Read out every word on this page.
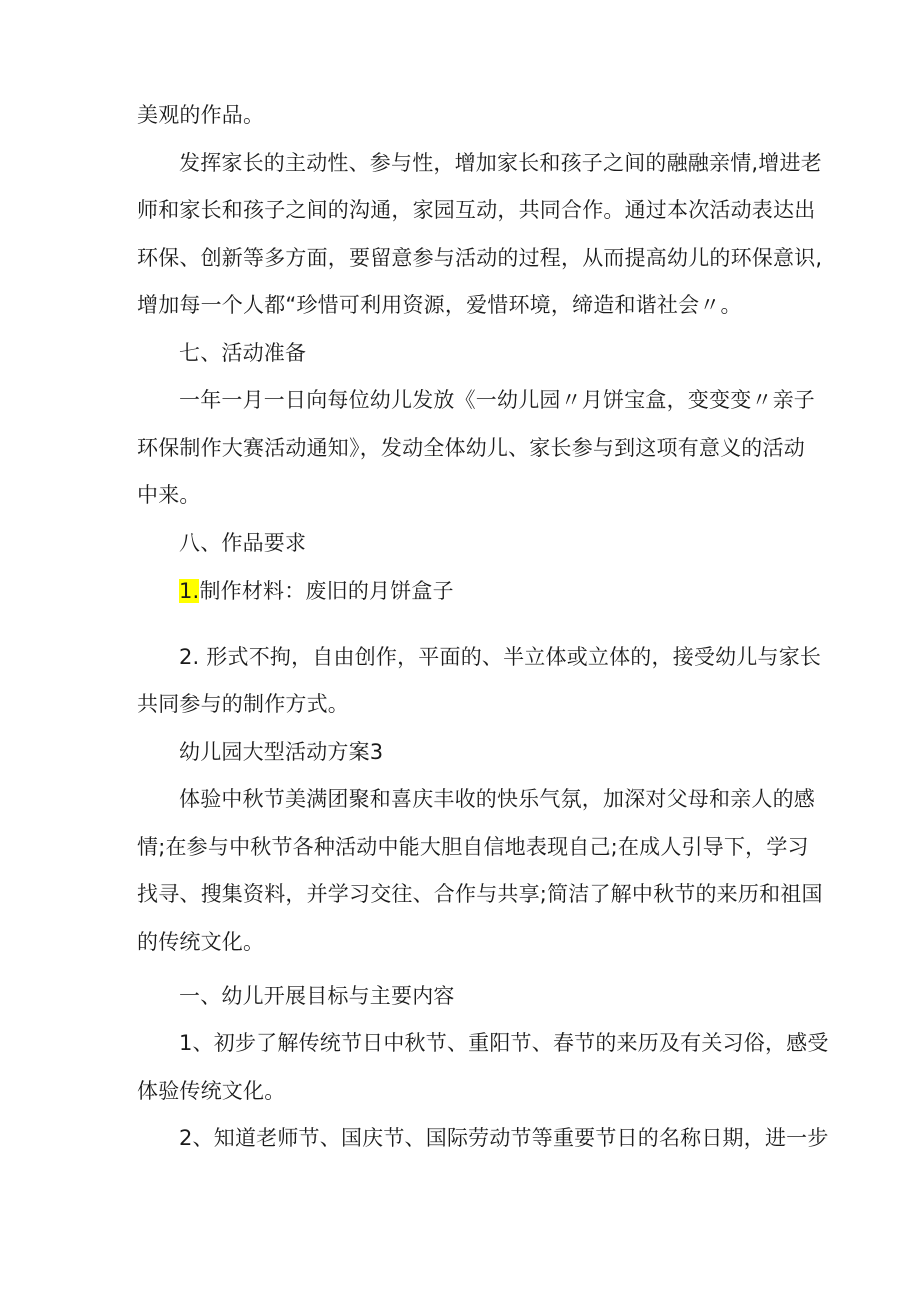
美观的作品。
发挥家长的主动性、参与性，增加家长和孩子之间的融融亲情,增进老
师和家长和孩子之间的沟通，家园互动，共同合作。通过本次活动表达出
环保、创新等多方面，要留意参与活动的过程，从而提高幼儿的环保意识,
增加每一个人都“珍惜可利用资源，爱惜环境，缔造和谐社会〃。
七、活动准备
一年一月一日向每位幼儿发放《一幼儿园〃月饼宝盒，变变变〃亲子
环保制作大赛活动通知》，发动全体幼儿、家长参与到这项有意义的活动
中来。
八、作品要求
1.制作材料：废旧的月饼盒子
2. 形式不拘，自由创作，平面的、半立体或立体的，接受幼儿与家长
共同参与的制作方式。
幼儿园大型活动方案3
体验中秋节美满团聚和喜庆丰收的快乐气氛，加深对父母和亲人的感
情;在参与中秋节各种活动中能大胆自信地表现自己;在成人引导下，学习
找寻、搜集资料，并学习交往、合作与共享;简洁了解中秋节的来历和祖国
的传统文化。
一、幼儿开展目标与主要内容
1、初步了解传统节日中秋节、重阳节、春节的来历及有关习俗，感受
体验传统文化。
2、知道老师节、国庆节、国际劳动节等重要节日的名称日期，进一步
